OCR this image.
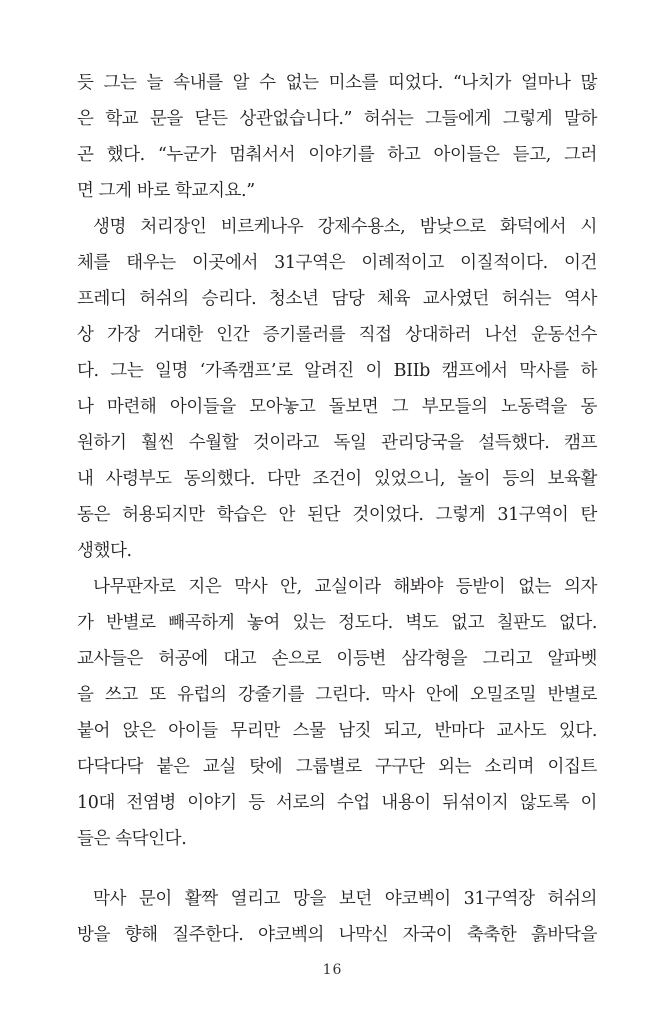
듯 그는 늘 속내를 알 수 없는 미소를 띠었다. “나치가 얼마나 많
은 학교 문을 닫든 상관없습니다.” 허쉬는 그들에게 그렇게 말하
곤 했다. “누군가 멈춰서서 이야기를 하고 아이들은 듣고, 그러
면 그게 바로 학교지요.”
생명 처리장인 비르케나우 강제수용소, 밤낮으로 화덕에서 시
체를 태우는 이곳에서 31구역은 이례적이고 이질적이다. 이건
프레디 허쉬의 승리다. 청소년 담당 체육 교사였던 허쉬는 역사
상 가장 거대한 인간 증기롤러를 직접 상대하러 나선 운동선수
다. 그는 일명 ‘가족캠프’로 알려진 이 BIIb 캠프에서 막사를 하
나 마련해 아이들을 모아놓고 돌보면 그 부모들의 노동력을 동
원하기 훨씬 수월할 것이라고 독일 관리당국을 설득했다. 캠프
내 사령부도 동의했다. 다만 조건이 있었으니, 놀이 등의 보육활
동은 허용되지만 학습은 안 된단 것이었다. 그렇게 31구역이 탄
생했다.
나무판자로 지은 막사 안, 교실이라 해봐야 등받이 없는 의자
가 반별로 빼곡하게 놓여 있는 정도다. 벽도 없고 칠판도 없다.
교사들은 허공에 대고 손으로 이등변 삼각형을 그리고 알파벳
을 쓰고 또 유럽의 강줄기를 그린다. 막사 안에 오밀조밀 반별로
붙어 앉은 아이들 무리만 스물 남짓 되고, 반마다 교사도 있다.
다닥다닥 붙은 교실 탓에 그룹별로 구구단 외는 소리며 이집트
10대 전염병 이야기 등 서로의 수업 내용이 뒤섞이지 않도록 이
들은 속닥인다.
막사 문이 활짝 열리고 망을 보던 야코벡이 31구역장 허쉬의
방을 향해 질주한다. 야코벡의 나막신 자국이 축축한 흙바닥을
16
